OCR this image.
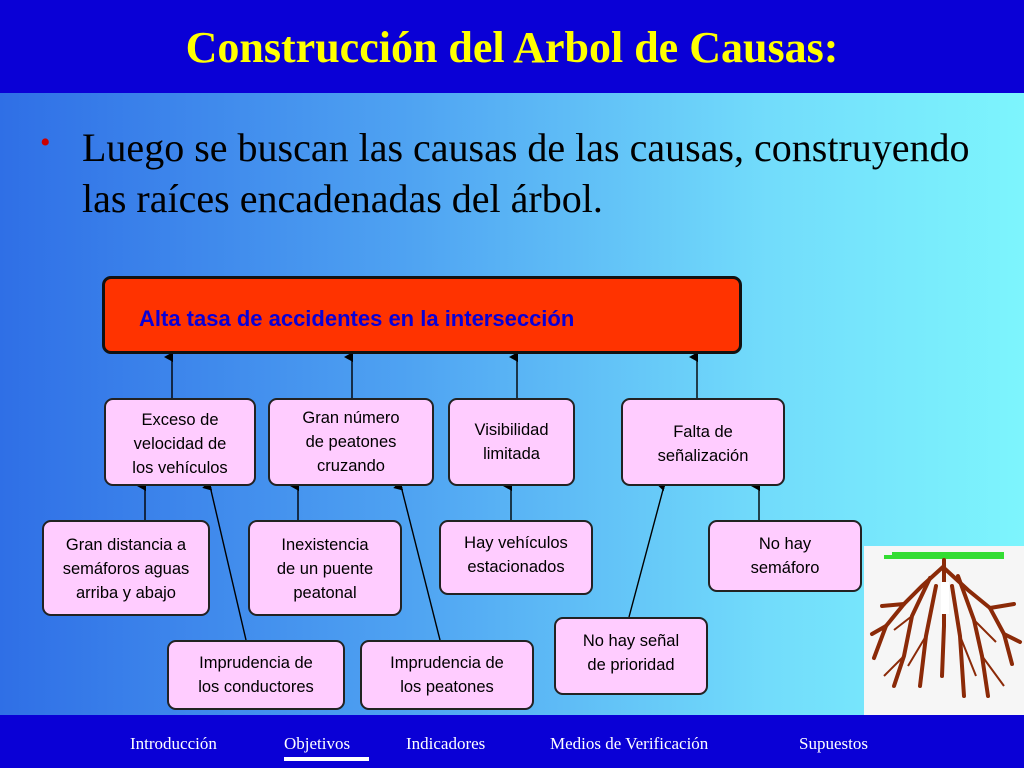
Construcción del Arbol de Causas:
• Luego se buscan las causas de las causas, construyendo las raíces encadenadas del árbol.
Alta tasa de accidentes en la intersección
Exceso de
velocidad de
los vehículos
Gran número
de peatones
cruzando
Visibilidad
limitada
Falta de
señalización
Gran distancia a
semáforos aguas
arriba y abajo
Inexistencia
de un puente
peatonal
Hay vehículos
estacionados
No hay
semáforo
Imprudencia de
los conductores
Imprudencia de
los peatones
No hay señal
de prioridad
Introducción	Objetivos	Indicadores	Medios de Verificación	Supuestos
